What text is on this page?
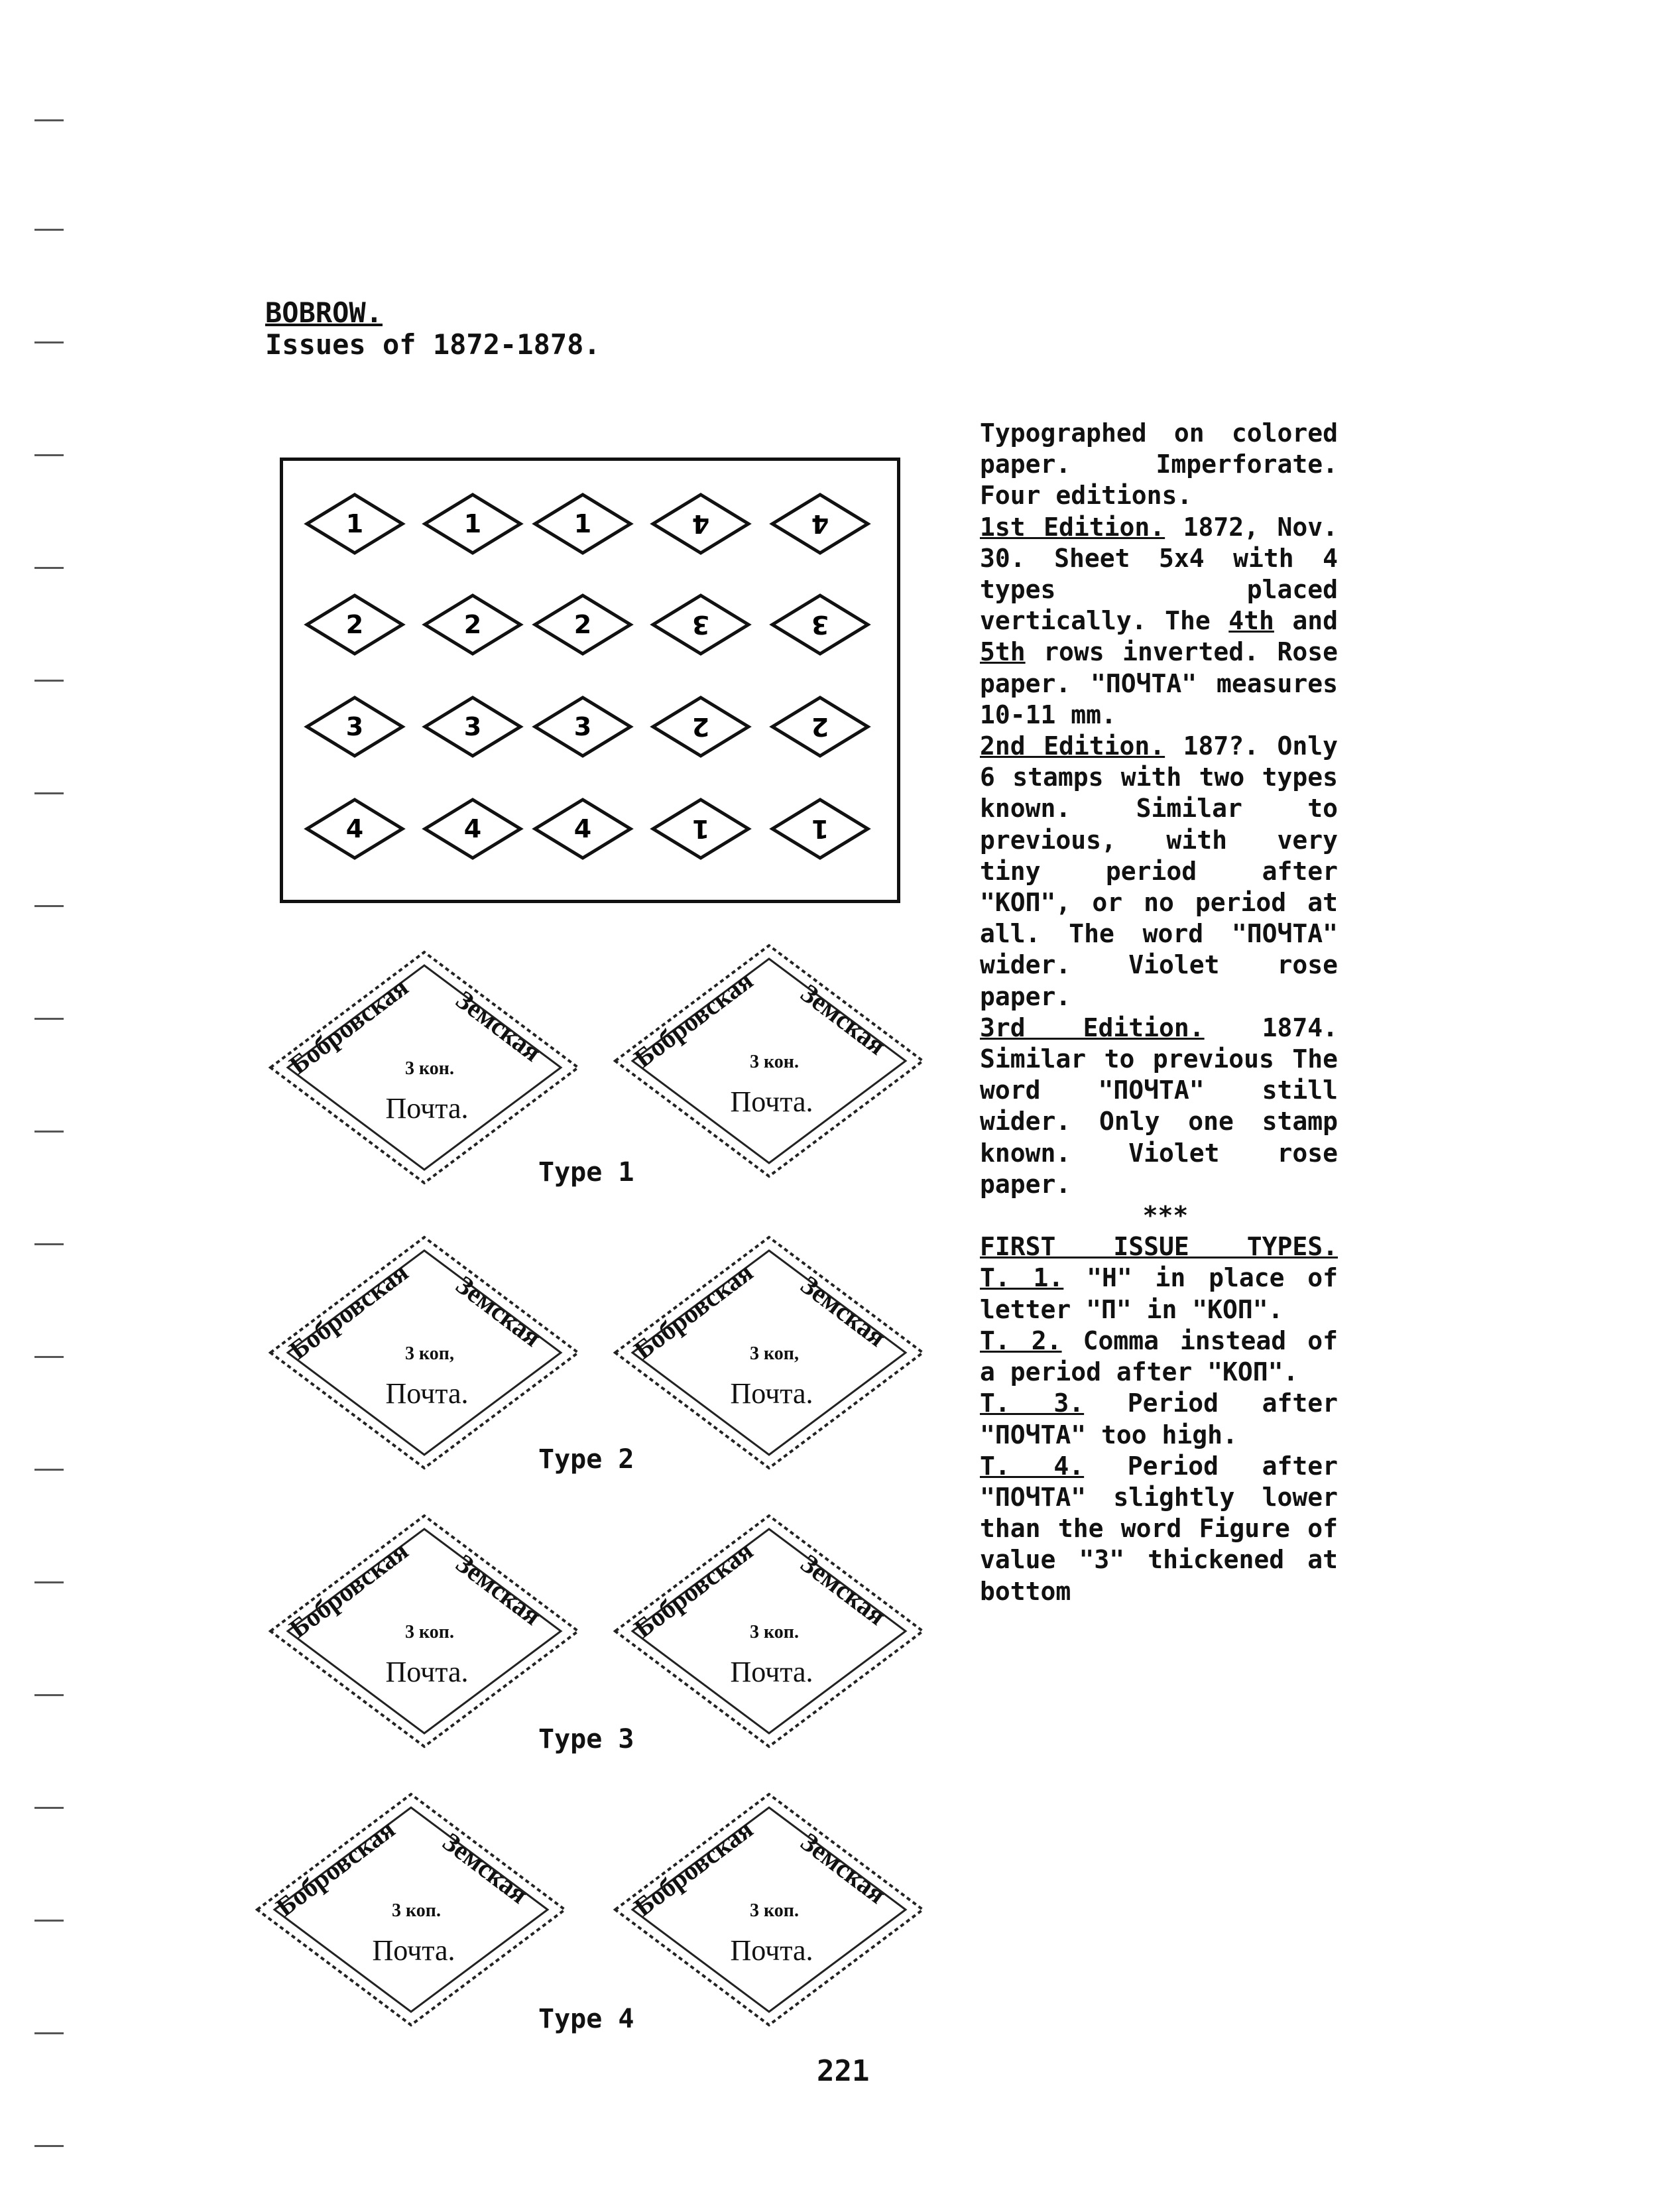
BOBROW.
Issues of 1872-1878.
1	1	1	4	4
2	2	2	3	3
3	3	3	2	2
4	4	4	1	1
Бобровская Земская
3 кон.
Почта.
Бобровская Земская
3 кон.
Почта.
Бобровская Земская
3 коп,
Почта.
Бобровская Земская
3 коп,
Почта.
Бобровская Земская
3 коп.
Почта.
Бобровская Земская
3 коп.
Почта.
Бобровская Земская
3 коп.
Почта.
Бобровская Земская
3 коп.
Почта.
Type 1
Type 2
Type 3
Type 4

Typographed on colored paper. Imperforate. Four editions.

1st Edition. 1872, Nov. 30. Sheet 5x4 with 4 types placed vertically. The 4th and 5th rows inverted. Rose paper. "ПОЧТА" measures 10-11 mm.

2nd Edition. 187?. Only 6 stamps with two types known. Similar to previous, with very tiny period after "КОП", or no period at all. The word "ПОЧТА" wider. Violet rose paper.

3rd Edition. 1874. Similar to previous The word "ПОЧТА" still wider. Only one stamp known. Violet rose paper.

***

FIRST ISSUE TYPES.

T. 1. "Н" in place of letter "П" in "КОП".

T. 2. Comma instead of a period after "КОП".

T. 3. Period after "ПОЧТА" too high.

T. 4. Period after "ПОЧТА" slightly lower than the word Figure of value "3" thickened at bottom

221
